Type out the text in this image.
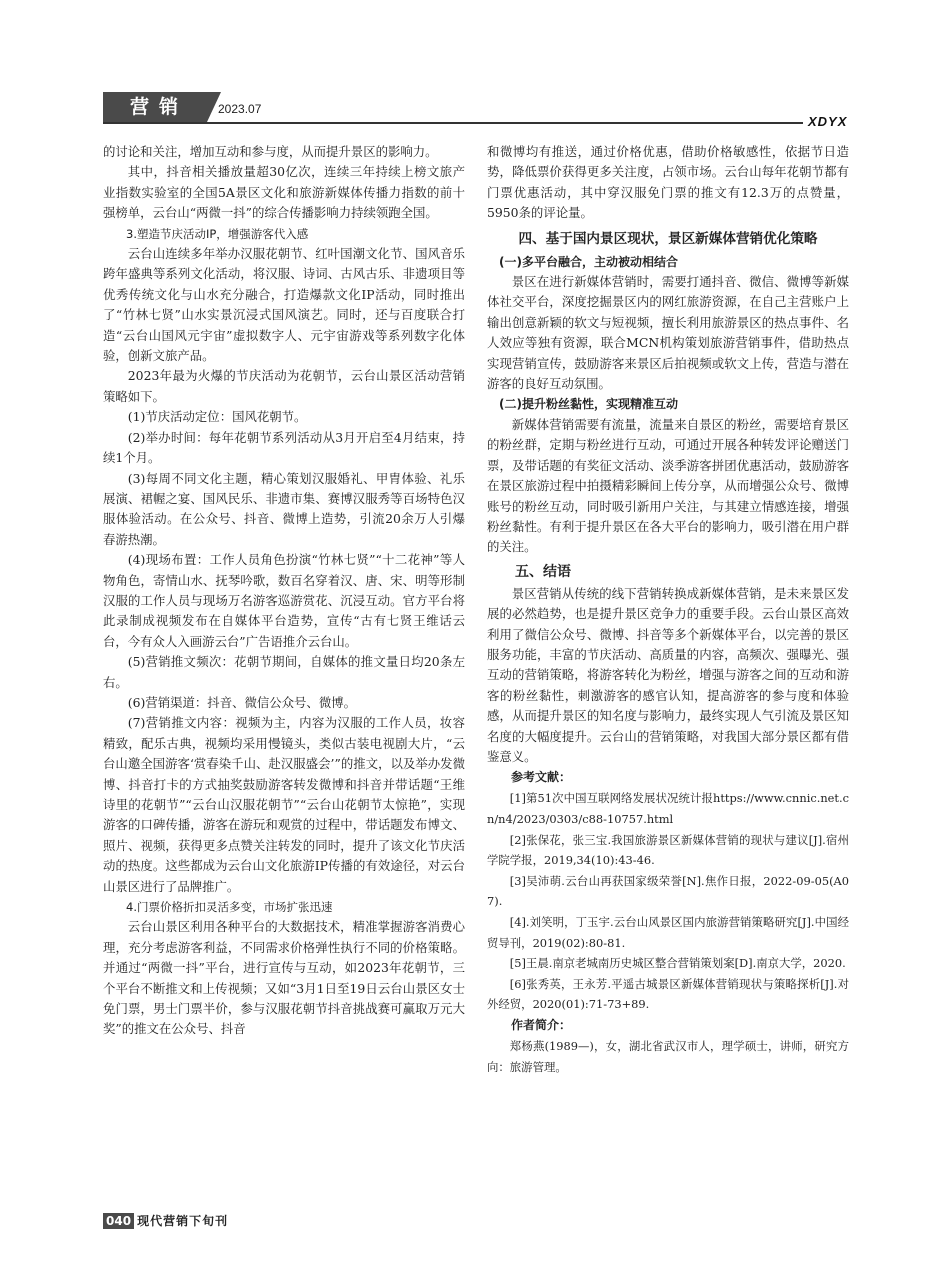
营销	2023.07
XDYX

的讨论和关注，增加互动和参与度，从而提升景区的影响力。

其中，抖音相关播放量超30亿次，连续三年持续上榜文旅产业指数实验室的全国5A景区文化和旅游新媒体传播力指数的前十强榜单，云台山“两微一抖”的综合传播影响力持续领跑全国。

3.塑造节庆活动IP，增强游客代入感

云台山连续多年举办汉服花朝节、红叶国潮文化节、国风音乐跨年盛典等系列文化活动，将汉服、诗词、古风古乐、非遗项目等优秀传统文化与山水充分融合，打造爆款文化IP活动，同时推出了“竹林七贤”山水实景沉浸式国风演艺。同时，还与百度联合打造“云台山国风元宇宙”虚拟数字人、元宇宙游戏等系列数字化体验，创新文旅产品。

2023年最为火爆的节庆活动为花朝节，云台山景区活动营销策略如下。

(1)节庆活动定位：国风花朝节。

(2)举办时间：每年花朝节系列活动从3月开启至4月结束，持续1个月。

(3)每周不同文化主题，精心策划汉服婚礼、甲胄体验、礼乐展演、裙幄之宴、国风民乐、非遗市集、赛博汉服秀等百场特色汉服体验活动。在公众号、抖音、微博上造势，引流20余万人引爆春游热潮。

(4)现场布置：工作人员角色扮演“竹林七贤”“十二花神”等人物角色，寄情山水、抚琴吟歌，数百名穿着汉、唐、宋、明等形制汉服的工作人员与现场万名游客巡游赏花、沉浸互动。官方平台将此录制成视频发布在自媒体平台造势，宣传“古有七贤王维话云台，今有众人入画游云台”广告语推介云台山。

(5)营销推文频次：花朝节期间，自媒体的推文量日均20条左右。

(6)营销渠道：抖音、微信公众号、微博。

(7)营销推文内容：视频为主，内容为汉服的工作人员，妆容精致，配乐古典，视频均采用慢镜头，类似古装电视剧大片，“云台山邀全国游客‘赏春染千山、赴汉服盛会’”的推文，以及举办发微博、抖音打卡的方式抽奖鼓励游客转发微博和抖音并带话题“王维诗里的花朝节”“云台山汉服花朝节”“云台山花朝节太惊艳”，实现游客的口碑传播，游客在游玩和观赏的过程中，带话题发布博文、照片、视频，获得更多点赞关注转发的同时，提升了该文化节庆活动的热度。这些都成为云台山文化旅游IP传播的有效途径，对云台山景区进行了品牌推广。

4.门票价格折扣灵活多变，市场扩张迅速

云台山景区利用各种平台的大数据技术，精准掌握游客消费心理，充分考虑游客利益，不同需求价格弹性执行不同的价格策略。并通过“两微一抖”平台，进行宣传与互动，如2023年花朝节，三个平台不断推文和上传视频；又如“3月1日至19日云台山景区女士免门票，男士门票半价，参与汉服花朝节抖音挑战赛可赢取万元大奖”的推文在公众号、抖音

和微博均有推送，通过价格优惠，借助价格敏感性，依据节日造势，降低票价获得更多关注度，占领市场。云台山每年花朝节都有门票优惠活动，其中穿汉服免门票的推文有12.3万的点赞量，5950条的评论量。

四、基于国内景区现状，景区新媒体营销优化策略
(一)多平台融合，主动被动相结合

景区在进行新媒体营销时，需要打通抖音、微信、微博等新媒体社交平台，深度挖掘景区内的网红旅游资源，在自己主营账户上输出创意新颖的软文与短视频，擅长利用旅游景区的热点事件、名人效应等独有资源，联合MCN机构策划旅游营销事件，借助热点实现营销宣传，鼓励游客来景区后拍视频或软文上传，营造与潜在游客的良好互动氛围。

(二)提升粉丝黏性，实现精准互动

新媒体营销需要有流量，流量来自景区的粉丝，需要培育景区的粉丝群，定期与粉丝进行互动，可通过开展各种转发评论赠送门票，及带话题的有奖征文活动、淡季游客拼团优惠活动，鼓励游客在景区旅游过程中拍摄精彩瞬间上传分享，从而增强公众号、微博账号的粉丝互动，同时吸引新用户关注，与其建立情感连接，增强粉丝黏性。有利于提升景区在各大平台的影响力，吸引潜在用户群的关注。

五、结语

景区营销从传统的线下营销转换成新媒体营销，是未来景区发展的必然趋势，也是提升景区竞争力的重要手段。云台山景区高效利用了微信公众号、微博、抖音等多个新媒体平台，以完善的景区服务功能，丰富的节庆活动、高质量的内容，高频次、强曝光、强互动的营销策略，将游客转化为粉丝，增强与游客之间的互动和游客的粉丝黏性，刺激游客的感官认知，提高游客的参与度和体验感，从而提升景区的知名度与影响力，最终实现人气引流及景区知名度的大幅度提升。云台山的营销策略，对我国大部分景区都有借鉴意义。

参考文献：

[1]第51次中国互联网络发展状况统计报https://www.cnnic.net.cn/n4/2023/0303/c88-10757.html

[2]张保花，张三宝.我国旅游景区新媒体营销的现状与建议[J].宿州学院学报，2019,34(10):43-46.

[3]吴沛萌.云台山再获国家级荣誉[N].焦作日报，2022-09-05(A07).

[4].刘笑明，丁玉宇.云台山风景区国内旅游营销策略研究[J].中国经贸导刊，2019(02):80-81.

[5]王晨.南京老城南历史城区整合营销策划案[D].南京大学，2020.

[6]张秀英，王永芳.平遥古城景区新媒体营销现状与策略探析[J].对外经贸，2020(01):71-73+89.

作者简介：

郑杨燕(1989—)，女，湖北省武汉市人，理学硕士，讲师，研究方向：旅游管理。

040 现代营销下旬刊
